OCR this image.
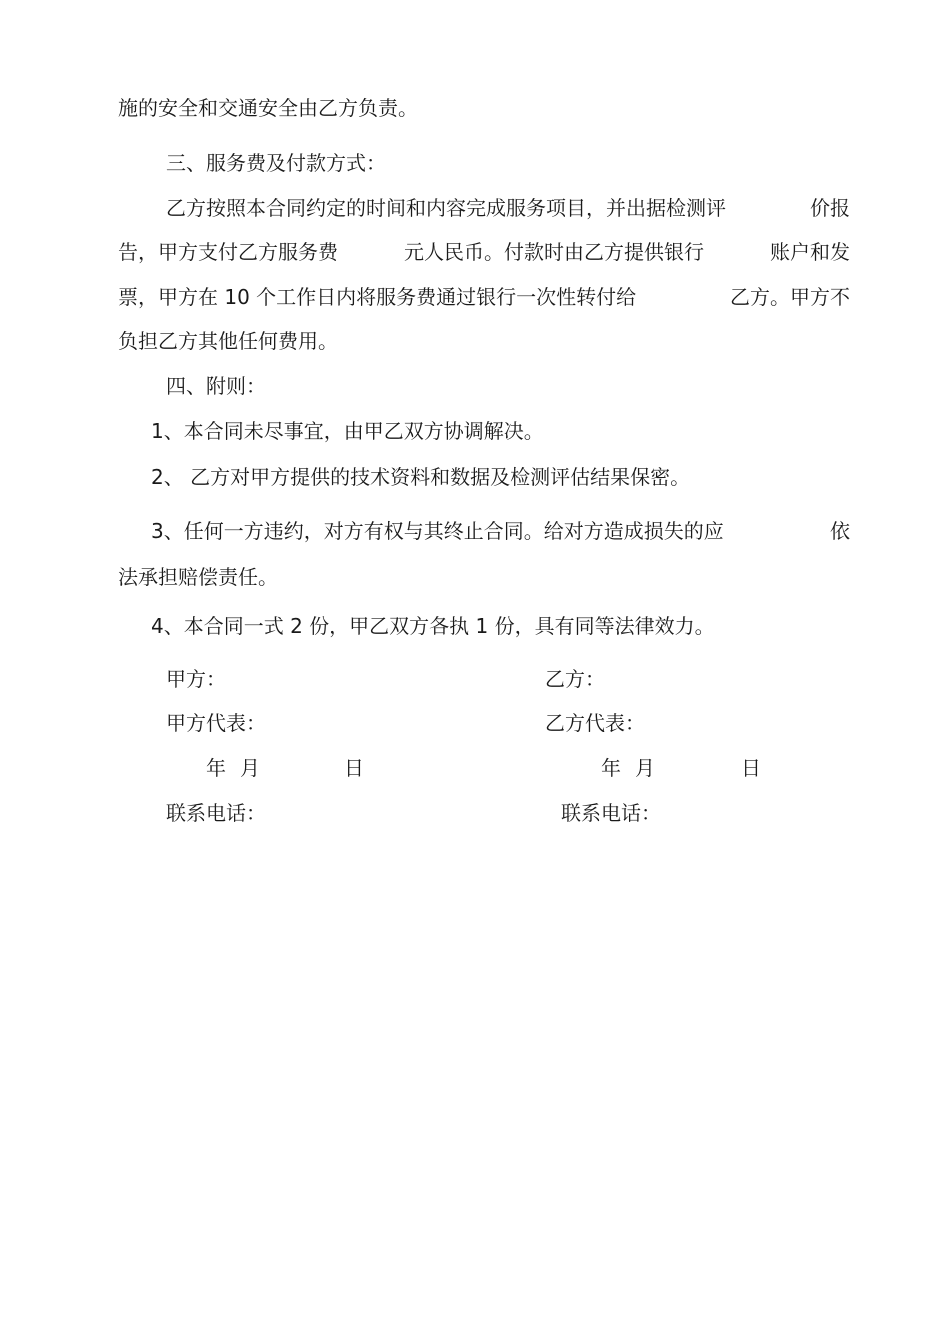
施的安全和交通安全由乙方负责。
三、服务费及付款方式：
乙方按照本合同约定的时间和内容完成服务项目，并出据检测评	价报
告，甲方支付乙方服务费	元人民币。付款时由乙方提供银行	账户和发
票，甲方在 10 个工作日内将服务费通过银行一次性转付给	乙方。甲方不
负担乙方其他任何费用。
四、附则：
1、本合同未尽事宜，由甲乙双方协调解决。
2、 乙方对甲方提供的技术资料和数据及检测评估结果保密。
3、任何一方违约，对方有权与其终止合同。给对方造成损失的应	依
法承担赔偿责任。
4、本合同一式 2 份，甲乙双方各执 1 份，具有同等法律效力。
甲方：	乙方：
甲方代表：	乙方代表：
年 月	日	年 月	日
联系电话：	联系电话：
